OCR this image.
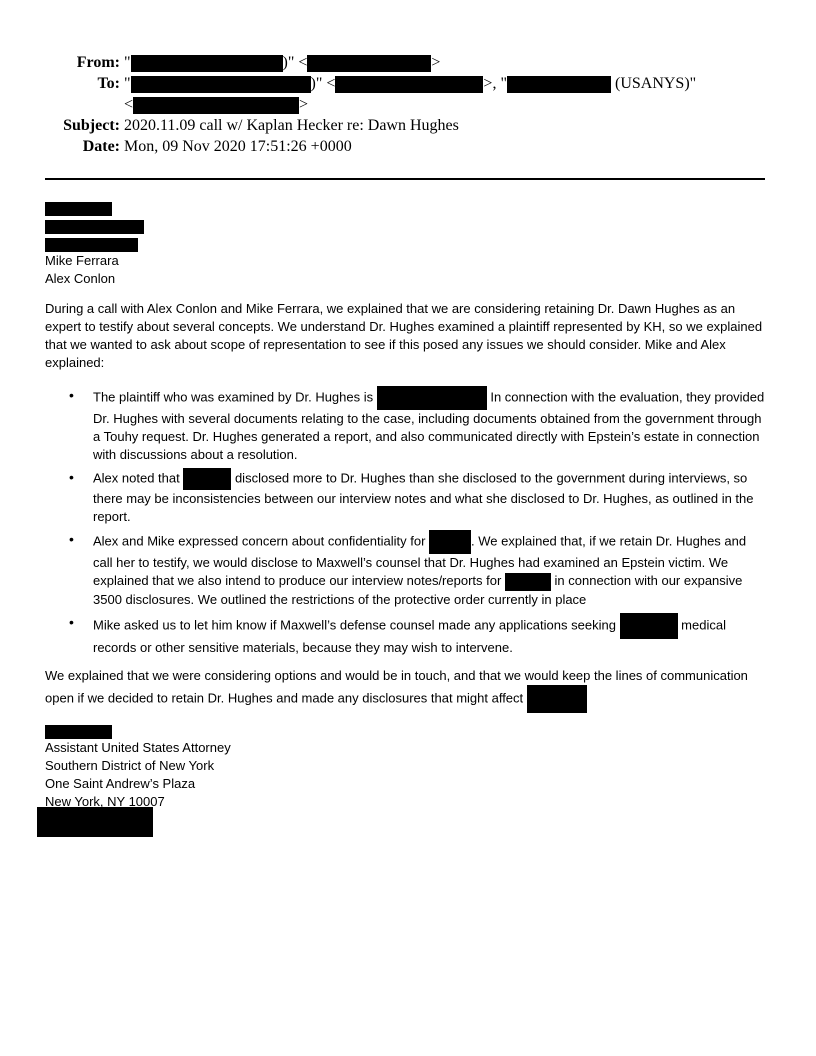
From: "	)" <	>
To: "	)" <	>, "	(USANYS)"
<	>
Subject: 2020.11.09 call w/ Kaplan Hecker re: Dawn Hughes
Date: Mon, 09 Nov 2020 17:51:26 +0000
Mike Ferrara
Alex Conlon

During a call with Alex Conlon and Mike Ferrara, we explained that we are considering retaining Dr. Dawn Hughes as an expert to testify about several concepts. We understand Dr. Hughes examined a plaintiff represented by KH, so we explained that we wanted to ask about scope of representation to see if this posed any issues we should consider. Mike and Alex explained:

• The plaintiff who was examined by Dr. Hughes is	In connection with the evaluation, they provided Dr. Hughes with several documents relating to the case, including documents obtained from the government through a Touhy request. Dr. Hughes generated a report, and also communicated directly with Epstein’s estate in connection with discussions about a resolution.
• Alex noted that	disclosed more to Dr. Hughes than she disclosed to the government during interviews, so there may be inconsistencies between our interview notes and what she disclosed to Dr. Hughes, as outlined in the report.
• Alex and Mike expressed concern about confidentiality for	. We explained that, if we retain Dr. Hughes and call her to testify, we would disclose to Maxwell’s counsel that Dr. Hughes had examined an Epstein victim. We explained that we also intend to produce our interview notes/reports for	in connection with our expansive 3500 disclosures. We outlined the restrictions of the protective order currently in place
• Mike asked us to let him know if Maxwell’s defense counsel made any applications seeking	medical records or other sensitive materials, because they may wish to intervene.

We explained that we were considering options and would be in touch, and that we would keep the lines of communication open if we decided to retain Dr. Hughes and made any disclosures that might affect

Assistant United States Attorney
Southern District of New York
One Saint Andrew’s Plaza
New York, NY 10007
